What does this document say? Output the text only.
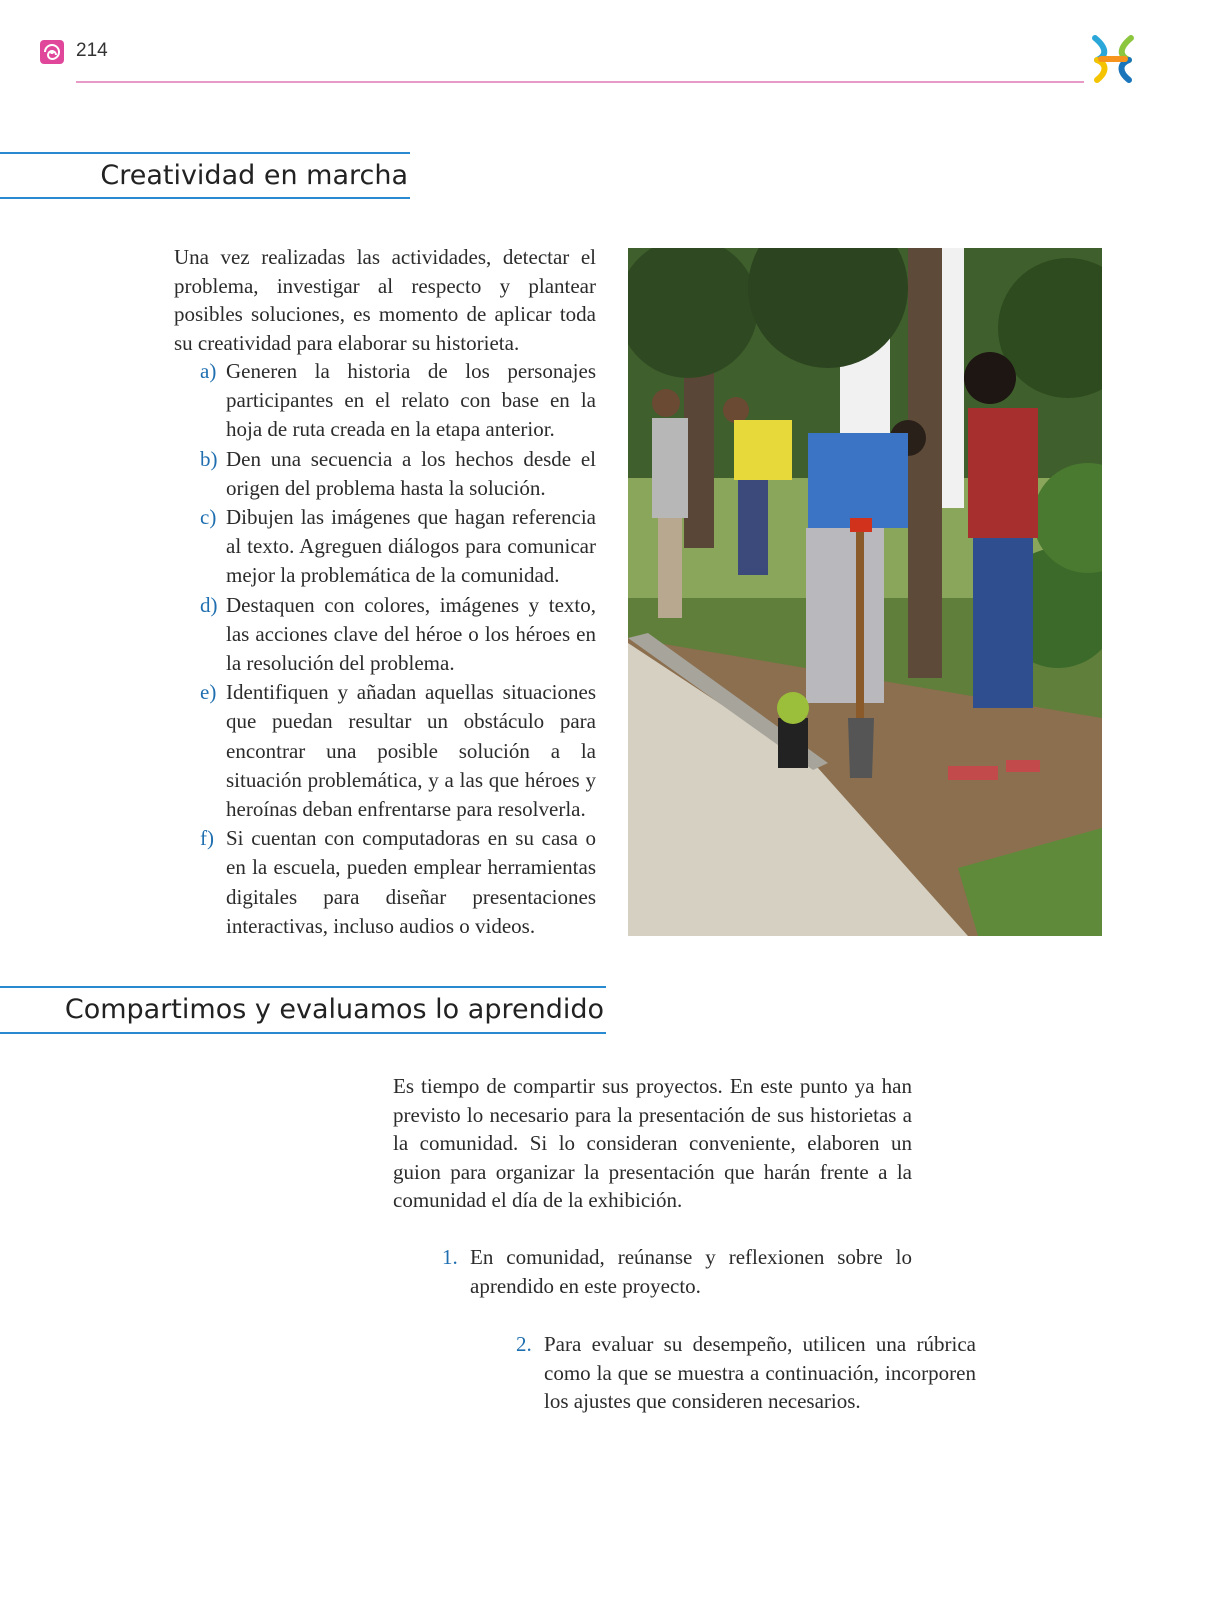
214
Creatividad en marcha

Una vez realizadas las actividades, detectar el problema, investigar al respecto y plantear posibles soluciones, es momento de aplicar toda su creatividad para elaborar su historieta.

a) Generen la historia de los personajes participantes en el relato con base en la hoja de ruta creada en la etapa anterior.
b) Den una secuencia a los hechos desde el origen del problema hasta la solución.
c) Dibujen las imágenes que hagan referencia al texto. Agreguen diálogos para comunicar mejor la problemática de la comunidad.
d) Destaquen con colores, imágenes y texto, las acciones clave del héroe o los héroes en la resolución del problema.
e) Identifiquen y añadan aquellas situaciones que puedan resultar un obstáculo para encontrar una posible solución a la situación problemática, y a las que héroes y heroínas deban enfrentarse para resolverla.
f) Si cuentan con computadoras en su casa o en la escuela, pueden emplear herramientas digitales para diseñar presentaciones interactivas, incluso audios o videos.
Compartimos y evaluamos lo aprendido

Es tiempo de compartir sus proyectos. En este punto ya han previsto lo necesario para la presentación de sus historietas a la comunidad. Si lo consideran conveniente, elaboren un guion para organizar la presentación que harán frente a la comunidad el día de la exhibición.

1. En comunidad, reúnanse y reflexionen sobre lo aprendido en este proyecto.

2. Para evaluar su desempeño, utilicen una rúbrica como la que se muestra a continuación, incorporen los ajustes que consideren necesarios.
